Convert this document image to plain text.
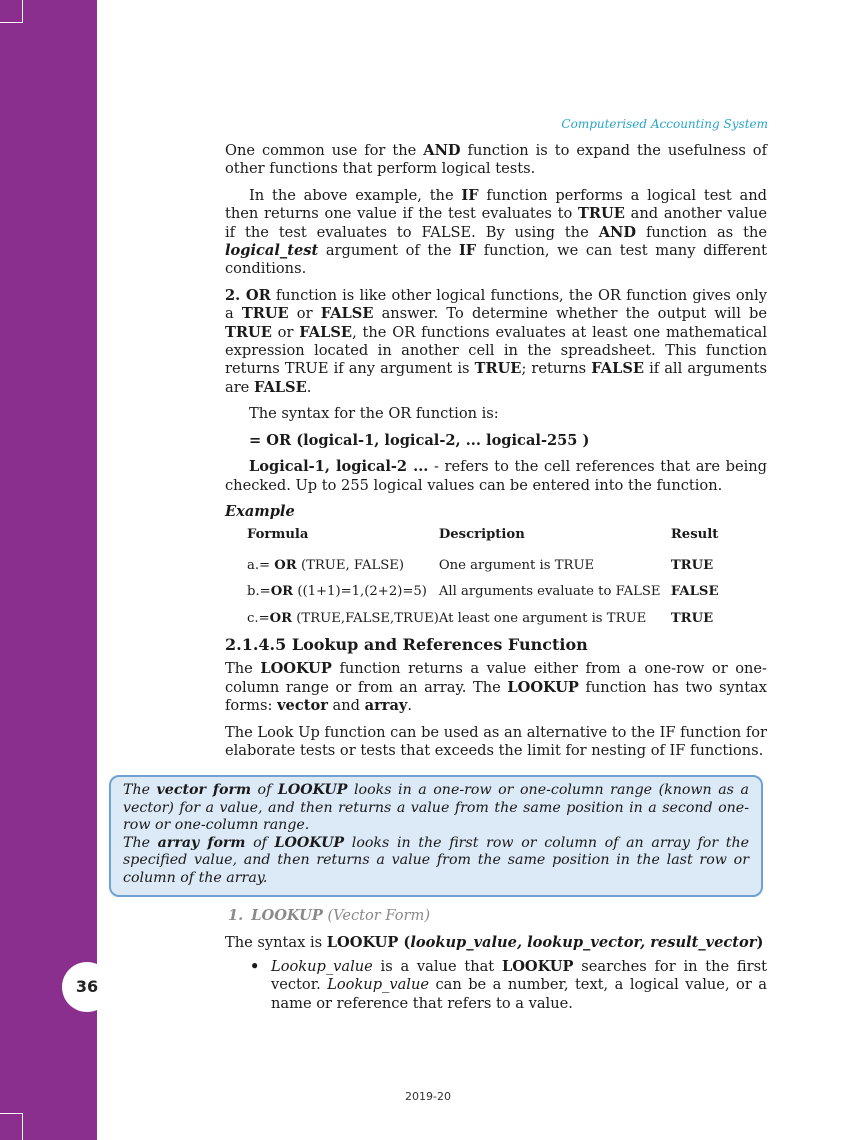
36
Computerised Accounting System

One common use for the AND function is to expand the usefulness of other functions that perform logical tests.

In the above example, the IF function performs a logical test and then returns one value if the test evaluates to TRUE and another value if the test evaluates to FALSE. By using the AND function as the logical_test argument of the IF function, we can test many different conditions.

2. OR function is like other logical functions, the OR function gives only a TRUE or FALSE answer. To determine whether the output will be TRUE or FALSE, the OR functions evaluates at least one mathematical expression located in another cell in the spreadsheet. This function returns TRUE if any argument is TRUE; returns FALSE if all arguments are FALSE.

The syntax for the OR function is:

= OR (logical-1, logical-2, ... logical-255 )

Logical-1, logical-2 ... - refers to the cell references that are being checked. Up to 255 logical values can be entered into the function.

Example
Formula	Description	Result
a.= OR (TRUE, FALSE)	One argument is TRUE	TRUE
b.=OR ((1+1)=1,(2+2)=5)	All arguments evaluate to FALSE	FALSE
c.=OR (TRUE,FALSE,TRUE)	At least one argument is TRUE	TRUE
2.1.4.5 Lookup and References Function

The LOOKUP function returns a value either from a one-row or one-column range or from an array. The LOOKUP function has two syntax forms: vector and array.

The Look Up function can be used as an alternative to the IF function for elaborate tests or tests that exceeds the limit for nesting of IF functions.

The vector form of LOOKUP looks in a one-row or one-column range (known as a vector) for a value, and then returns a value from the same position in a second one-row or one-column range.

The array form of LOOKUP looks in the first row or column of an array for the specified value, and then returns a value from the same position in the last row or column of the array.

1. LOOKUP (Vector Form)
The syntax is LOOKUP (lookup_value, lookup_vector, result_vector)
• Lookup_value is a value that LOOKUP searches for in the first vector. Lookup_value can be a number, text, a logical value, or a name or reference that refers to a value.
2019-20
